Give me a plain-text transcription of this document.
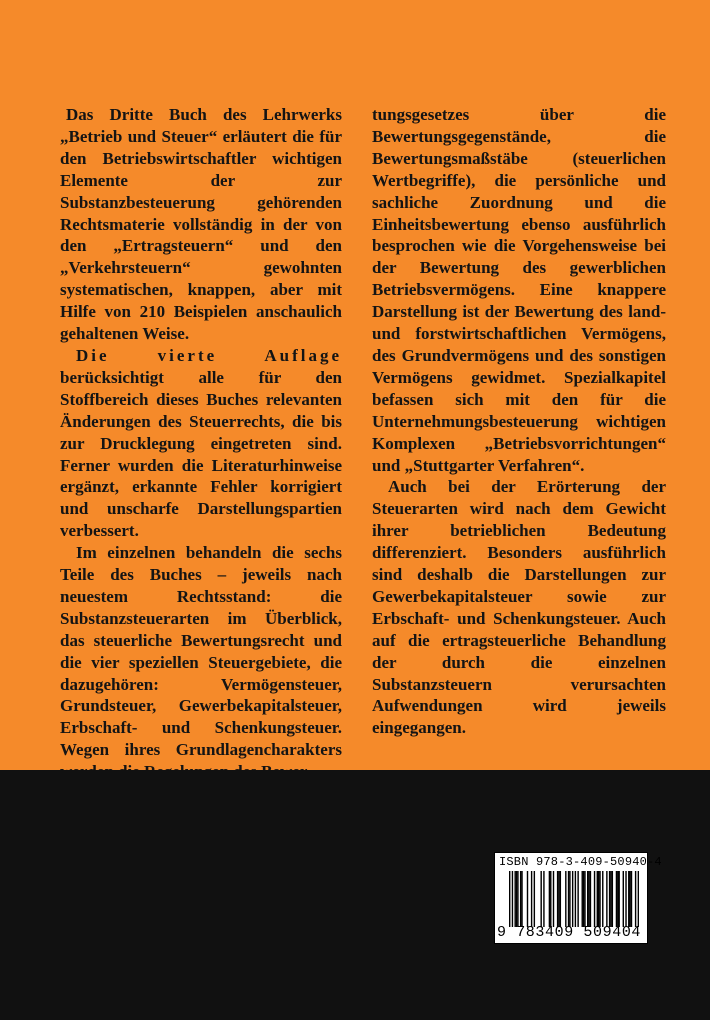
Das Dritte Buch des Lehrwerks „Betrieb und Steuer“ erläutert die für den Betriebswirtschaftler wichtigen Elemente der zur Substanzbesteuerung gehörenden Rechtsmaterie vollständig in der von den „Ertragsteuern“ und den „Verkehrsteuern“ gewohnten systematischen, knappen, aber mit Hilfe von 210 Beispielen anschaulich gehaltenen Weise.

Die vierte Auflage berücksichtigt alle für den Stoffbereich dieses Buches relevanten Änderungen des Steuerrechts, die bis zur Drucklegung eingetreten sind. Ferner wurden die Literaturhinweise ergänzt, erkannte Fehler korrigiert und unscharfe Darstellungspartien verbessert.

Im einzelnen behandeln die sechs Teile des Buches – jeweils nach neuestem Rechtsstand: die Substanzsteuerarten im Überblick, das steuerliche Bewertungsrecht und die vier speziellen Steuergebiete, die dazugehören: Vermögensteuer, Grundsteuer, Gewerbekapitalsteuer, Erbschaft- und Schenkungsteuer. Wegen ihres Grundlagencharakters

tungsgesetzes über die Bewertungsgegenstände, die Bewertungsmaßstäbe (steuerlichen Wertbegriffe), die persönliche und sachliche Zuordnung und die Einheitsbewertung ebenso ausführlich besprochen wie die Vorgehensweise bei der Bewertung des gewerblichen Betriebsvermögens. Eine knappere Darstellung ist der Bewertung des land- und forstwirtschaftlichen Vermögens, des Grundvermögens und des sonstigen Vermögens gewidmet. Spezialkapitel befassen sich mit den für die Unternehmungsbesteuerung wichtigen Komplexen „Betriebsvorrichtungen“ und „Stuttgarter Verfahren“.

Auch bei der Erörterung der Steuerarten wird nach dem Gewicht ihrer betrieblichen Bedeutung differenziert. Besonders ausführlich sind deshalb die Darstellungen zur Gewerbekapitalsteuer sowie zur Erbschaft- und Schenkungsteuer. Auch auf die ertragsteuerliche Behandlung der durch die einzelnen Substanzsteuern verursachten Aufwendungen wird jeweils eingegangen.

ISBN 978-3-409-50940-4
9 783409 509404
